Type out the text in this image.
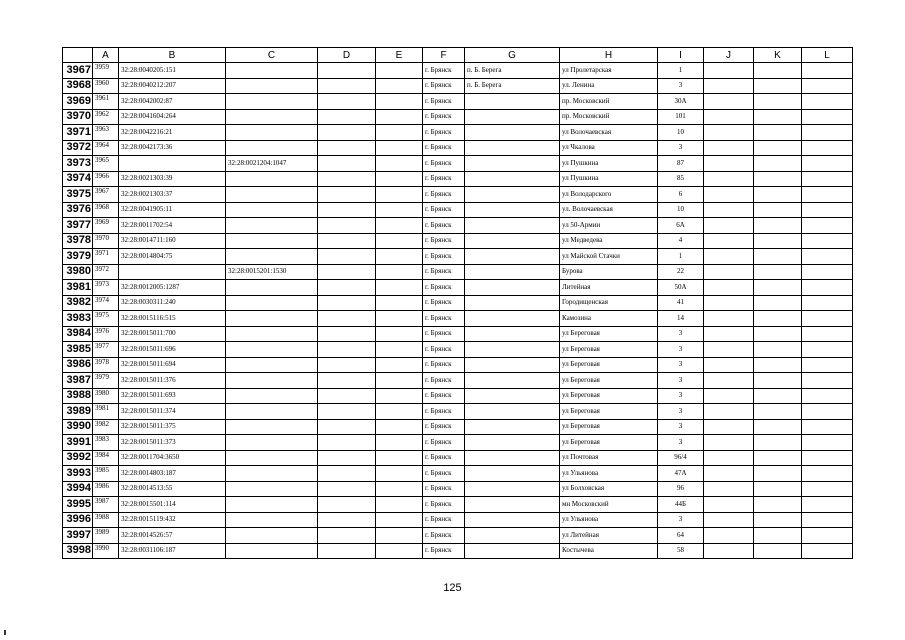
	A	B	C	D	E	F	G	H	I	J	K	L
3967	3959	32:28:0040205:151				г. Брянск	п. Б. Берега	ул Пролетарская	1			
3968	3960	32:28:0040212:207				г. Брянск	п. Б. Берега	ул. Ленина	3			
3969	3961	32:28:0042002:87				г. Брянск		пр. Московский	30А			
3970	3962	32:28:0041604:264				г. Брянск		пр. Московский	101			
3971	3963	32:28:0042216:21				г. Брянск		ул Волочаевская	10			
3972	3964	32:28:0042173:36				г. Брянск		ул Чкалова	3			
3973	3965		32:28:0021204:1047			г. Брянск		ул Пушкина	87			
3974	3966	32:28:0021303:39				г. Брянск		ул Пушкина	85			
3975	3967	32:28:0021303:37				г. Брянск		ул Володарского	6			
3976	3968	32:28:0041905:11				г. Брянск		ул. Волочаевская	10			
3977	3969	32:28:0011702:54				г. Брянск		ул 50-Армии	6А			
3978	3970	32:28:0014711:160				г. Брянск		ул Медведева	4			
3979	3971	32:28:0014804:75				г. Брянск		ул Майской Стачки	1			
3980	3972		32:28:0015201:1530			г. Брянск		Бурова	22			
3981	3973	32:28:0012005:1287				г. Брянск		Литейная	50А			
3982	3974	32:28:0030311:240				г. Брянск		Городищенская	41			
3983	3975	32:28:0015116:515				г. Брянск		Камозина	14			
3984	3976	32:28:0015011:700				г. Брянск		ул Береговая	3			
3985	3977	32:28:0015011:696				г. Брянск		ул Береговая	3			
3986	3978	32:28:0015011:694				г. Брянск		ул Береговая	3			
3987	3979	32:28:0015011:376				г. Брянск		ул Береговая	3			
3988	3980	32:28:0015011:693				г. Брянск		ул Береговая	3			
3989	3981	32:28:0015011:374				г. Брянск		ул Береговая	3			
3990	3982	32:28:0015011:375				г. Брянск		ул Береговая	3			
3991	3983	32:28:0015011:373				г. Брянск		ул Береговая	3			
3992	3984	32:28:0011704:3650				г. Брянск		ул Почтовая	96/4			
3993	3985	32:28:0014803:187				г. Брянск		ул Ульянова	47А			
3994	3986	32:28:0014513:55				г. Брянск		ул Болховская	96			
3995	3987	32:28:0015501:114				г. Брянск		мн Московский	44Б			
3996	3988	32:28:0015119:432				г. Брянск		ул Ульянова	3			
3997	3989	32:28:0014526:57				г. Брянск		ул Литейная	64			
3998	3990	32:28:0031106:187				г. Брянск		Костычева	58			
125
